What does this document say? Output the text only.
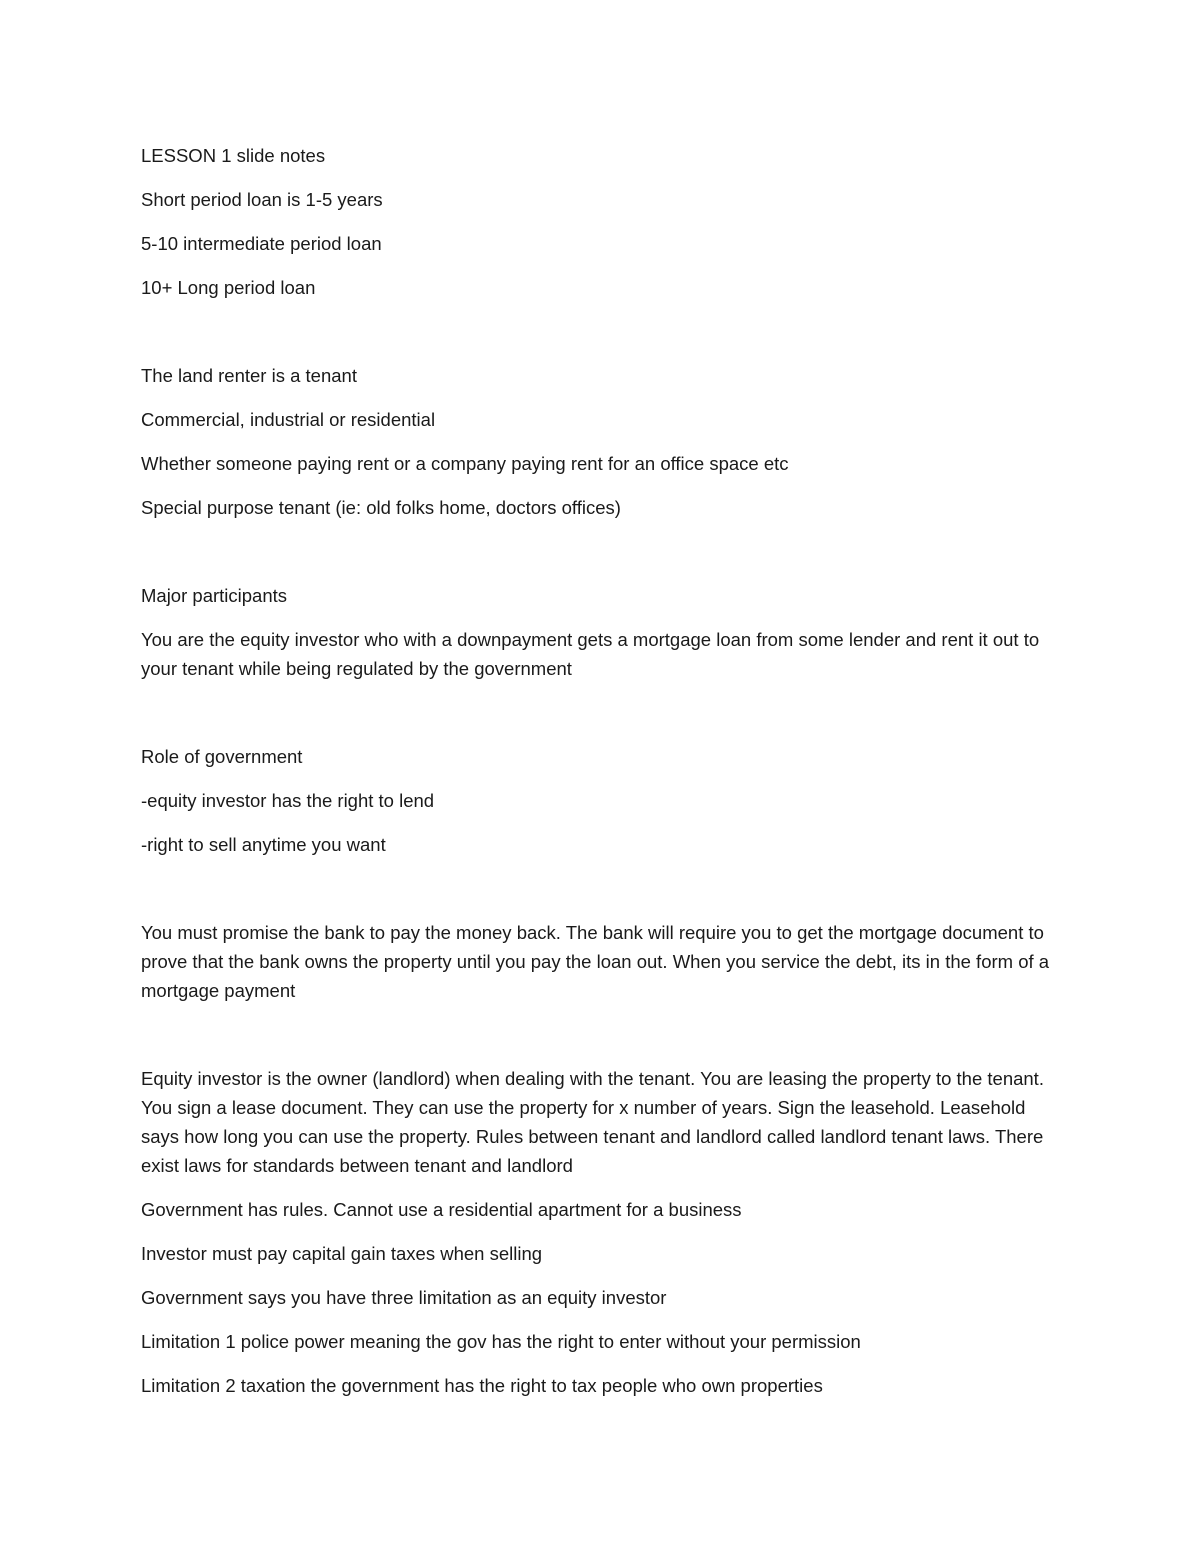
LESSON 1 slide notes

Short period loan is 1-5 years

5-10 intermediate period loan

10+ Long period loan

The land renter is a tenant

Commercial, industrial or residential

Whether someone paying rent or a company paying rent for an office space etc

Special purpose tenant (ie: old folks home, doctors offices)

Major participants

You are the equity investor who with a downpayment gets a mortgage loan from some lender and rent it out to your tenant while being regulated by the government

Role of government

-equity investor has the right to lend

-right to sell anytime you want

You must promise the bank to pay the money back. The bank will require you to get the mortgage document to prove that the bank owns the property until you pay the loan out. When you service the debt, its in the form of a mortgage payment

Equity investor is the owner (landlord) when dealing with the tenant. You are leasing the property to the tenant. You sign a lease document. They can use the property for x number of years. Sign the leasehold. Leasehold says how long you can use the property. Rules between tenant and landlord called landlord tenant laws. There exist laws for standards between tenant and landlord

Government has rules. Cannot use a residential apartment for a business

Investor must pay capital gain taxes when selling

Government says you have three limitation as an equity investor

Limitation 1 police power meaning the gov has the right to enter without your permission

Limitation 2 taxation the government has the right to tax people who own properties
